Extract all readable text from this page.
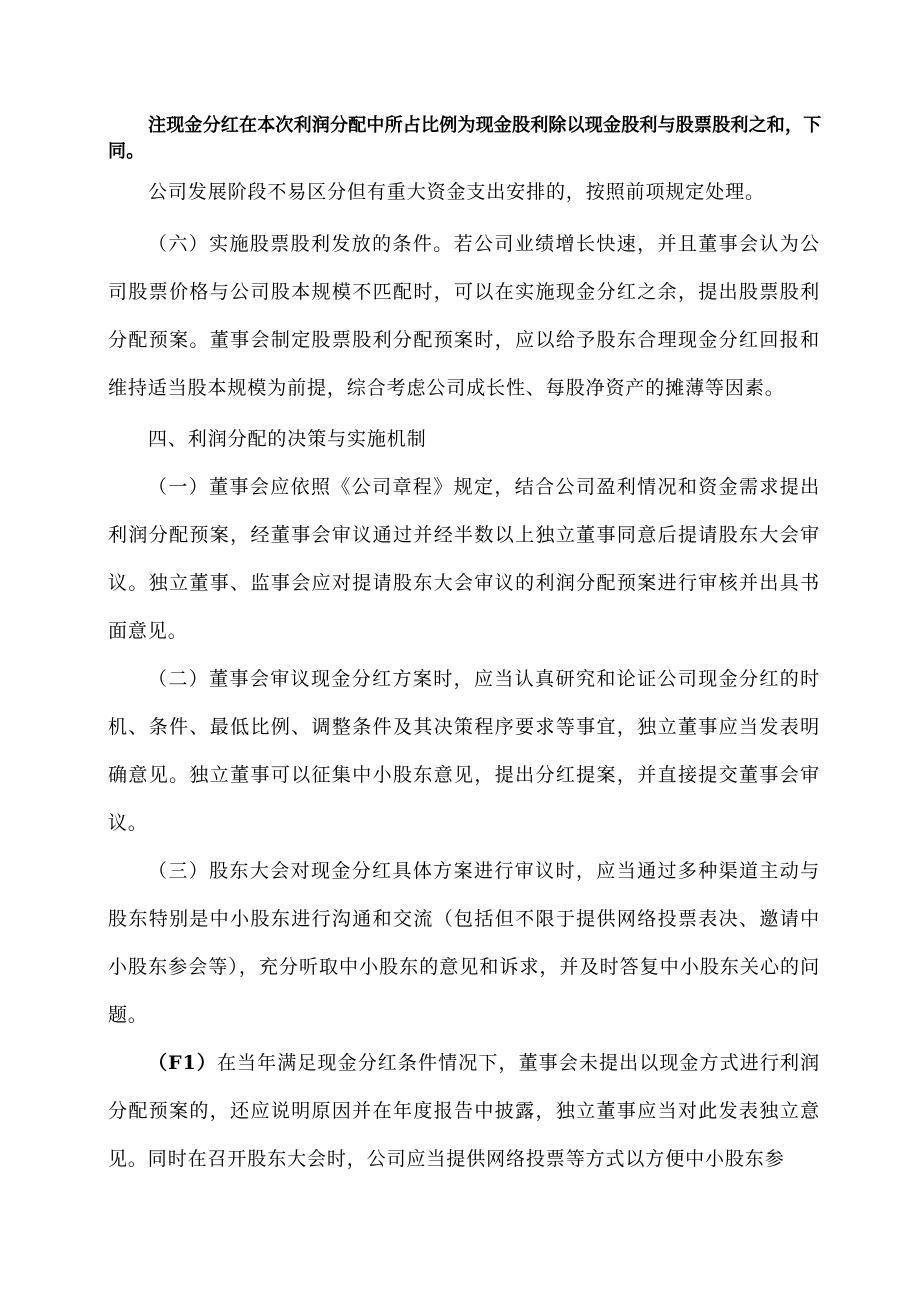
注现金分红在本次利润分配中所占比例为现金股利除以现金股利与股票股利之和，下同。
公司发展阶段不易区分但有重大资金支出安排的，按照前项规定处理。
（六）实施股票股利发放的条件。若公司业绩增长快速，并且董事会认为公司股票价格与公司股本规模不匹配时，可以在实施现金分红之余，提出股票股利分配预案。董事会制定股票股利分配预案时，应以给予股东合理现金分红回报和维持适当股本规模为前提，综合考虑公司成长性、每股净资产的摊薄等因素。
四、利润分配的决策与实施机制
（一）董事会应依照《公司章程》规定，结合公司盈利情况和资金需求提出利润分配预案，经董事会审议通过并经半数以上独立董事同意后提请股东大会审议。独立董事、监事会应对提请股东大会审议的利润分配预案进行审核并出具书面意见。
（二）董事会审议现金分红方案时，应当认真研究和论证公司现金分红的时机、条件、最低比例、调整条件及其决策程序要求等事宜，独立董事应当发表明确意见。独立董事可以征集中小股东意见，提出分红提案，并直接提交董事会审议。
（三）股东大会对现金分红具体方案进行审议时，应当通过多种渠道主动与股东特别是中小股东进行沟通和交流（包括但不限于提供网络投票表决、邀请中小股东参会等），充分听取中小股东的意见和诉求，并及时答复中小股东关心的问题。
（F1）在当年满足现金分红条件情况下，董事会未提出以现金方式进行利润分配预案的，还应说明原因并在年度报告中披露，独立董事应当对此发表独立意见。同时在召开股东大会时，公司应当提供网络投票等方式以方便中小股东参
